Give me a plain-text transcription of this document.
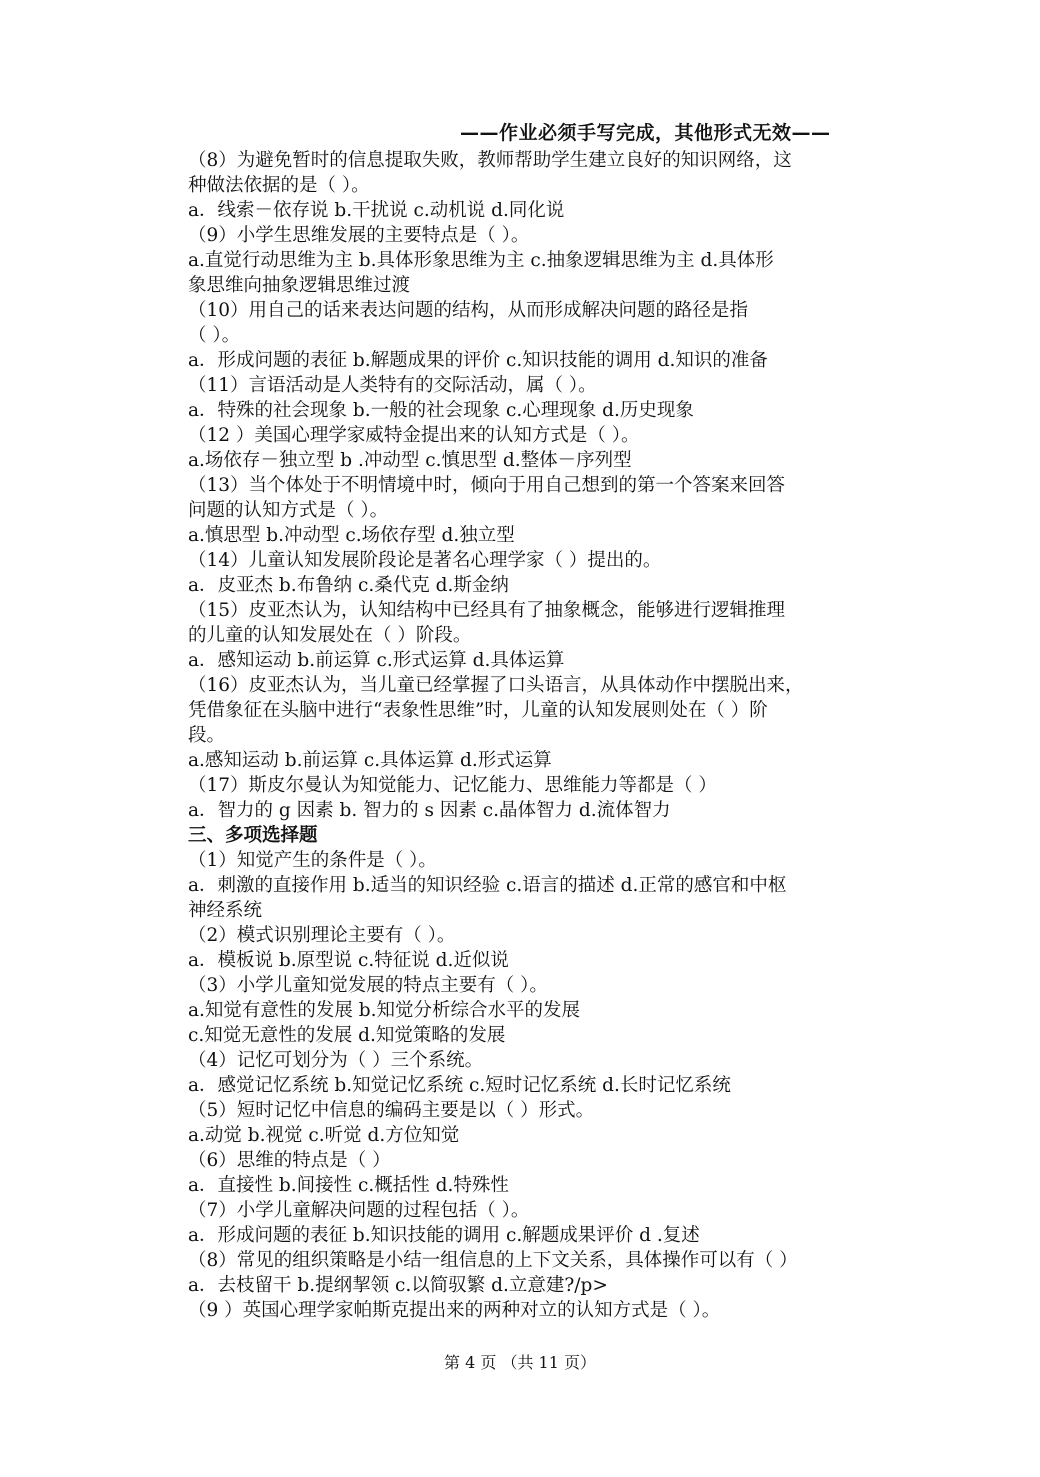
——作业必须手写完成，其他形式无效——
（8）为避免暂时的信息提取失败，教师帮助学生建立良好的知识网络，这
种做法依据的是（ ）。
a．线索－依存说 b.干扰说 c.动机说 d.同化说
（9）小学生思维发展的主要特点是（ ）。
a.直觉行动思维为主 b.具体形象思维为主 c.抽象逻辑思维为主 d.具体形
象思维向抽象逻辑思维过渡
（10）用自己的话来表达问题的结构，从而形成解决问题的路径是指
（ ）。
a．形成问题的表征 b.解题成果的评价 c.知识技能的调用 d.知识的准备
（11）言语活动是人类特有的交际活动，属（ ）。
a．特殊的社会现象 b.一般的社会现象 c.心理现象 d.历史现象
（12 ）美国心理学家威特金提出来的认知方式是（ ）。
a.场依存－独立型 b .冲动型 c.慎思型 d.整体－序列型
（13）当个体处于不明情境中时，倾向于用自己想到的第一个答案来回答
问题的认知方式是（ ）。
a.慎思型 b.冲动型 c.场依存型 d.独立型
（14）儿童认知发展阶段论是著名心理学家（ ）提出的。
a．皮亚杰 b.布鲁纳 c.桑代克 d.斯金纳
（15）皮亚杰认为，认知结构中已经具有了抽象概念，能够进行逻辑推理
的儿童的认知发展处在（ ）阶段。
a．感知运动 b.前运算 c.形式运算 d.具体运算
（16）皮亚杰认为，当儿童已经掌握了口头语言，从具体动作中摆脱出来，
凭借象征在头脑中进行“表象性思维”时，儿童的认知发展则处在（ ）阶
段。
a.感知运动 b.前运算 c.具体运算 d.形式运算
（17）斯皮尔曼认为知觉能力、记忆能力、思维能力等都是（ ）
a．智力的 g 因素 b. 智力的 s 因素 c.晶体智力 d.流体智力
三、多项选择题
（1）知觉产生的条件是（ ）。
a．刺激的直接作用 b.适当的知识经验 c.语言的描述 d.正常的感官和中枢
神经系统
（2）模式识别理论主要有（ ）。
a．模板说 b.原型说 c.特征说 d.近似说
（3）小学儿童知觉发展的特点主要有（ ）。
a.知觉有意性的发展 b.知觉分析综合水平的发展
c.知觉无意性的发展 d.知觉策略的发展
（4）记忆可划分为（ ）三个系统。
a．感觉记忆系统 b.知觉记忆系统 c.短时记忆系统 d.长时记忆系统
（5）短时记忆中信息的编码主要是以（ ）形式。
a.动觉 b.视觉 c.听觉 d.方位知觉
（6）思维的特点是（ ）
a．直接性 b.间接性 c.概括性 d.特殊性
（7）小学儿童解决问题的过程包括（ ）。
a．形成问题的表征 b.知识技能的调用 c.解题成果评价 d .复述
（8）常见的组织策略是小结一组信息的上下文关系，具体操作可以有（ ）
a．去枝留干 b.提纲挈领 c.以简驭繁 d.立意建?/p>
（9 ）英国心理学家帕斯克提出来的两种对立的认知方式是（ ）。
第 4 页 （共 11 页）
